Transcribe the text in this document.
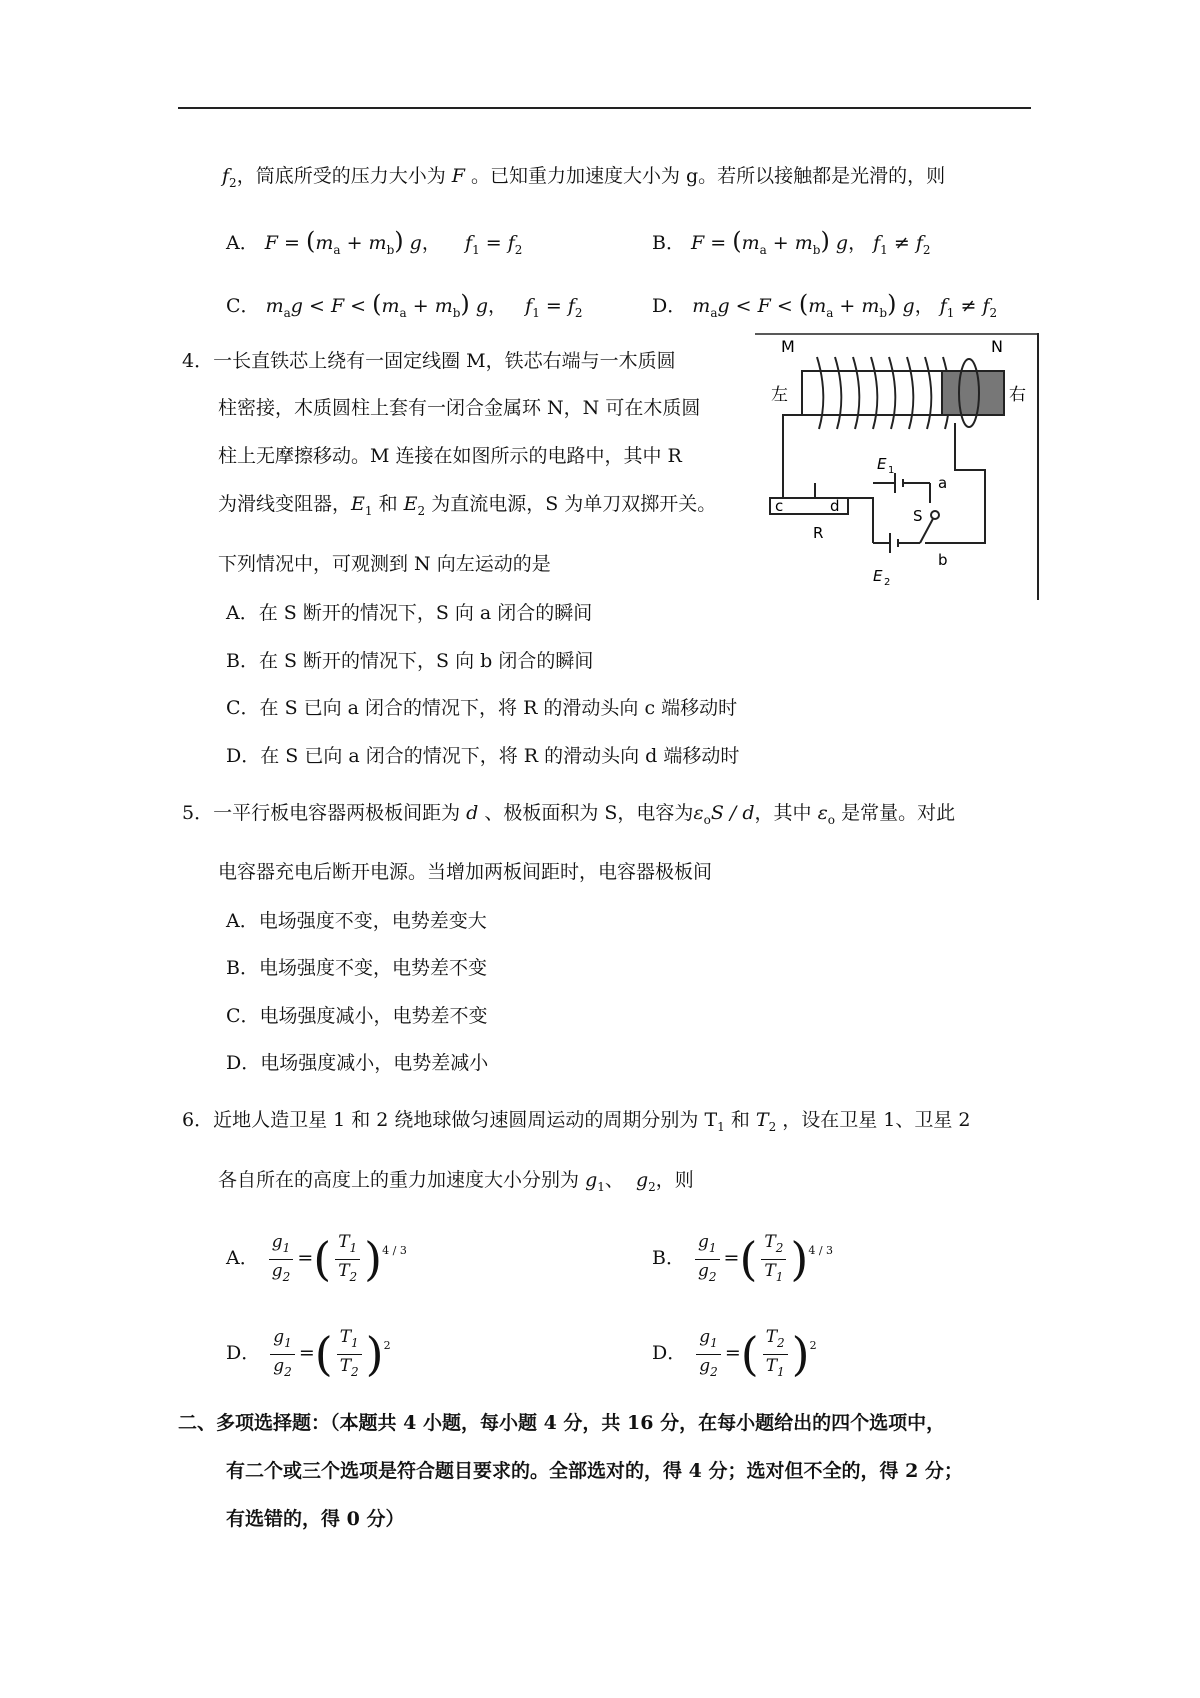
$f_2$，筒底所受的压力大小为 F 。已知重力加速度大小为 g。若所以接触都是光滑的，则
A． $F = (m_a + m_b)$ g，    $f_1 = f_2$	B． $F = (m_a + m_b)$ g， $f_1 \ne f_2$
C． $m_ag < F < (m_a + m_b)$ g，   $f_1 = f_2$	D． $m_ag < F < (m_a + m_b)$ g， $f_1 \ne f_2$
4．一长直铁芯上绕有一固定线圈 M，铁芯右端与一木质圆
柱密接，木质圆柱上套有一闭合金属环 N，N 可在木质圆
柱上无摩擦移动。M 连接在如图所示的电路中，其中 R
为滑线变阻器，$E_1$ 和 $E_2$ 为直流电源，S 为单刀双掷开关。
下列情况中，可观测到 N 向左运动的是
A．在 S 断开的情况下，S 向 a 闭合的瞬间
B．在 S 断开的情况下，S 向 b 闭合的瞬间
C．在 S 已向 a 闭合的情况下，将 R 的滑动头向 c 端移动时
D．在 S 已向 a 闭合的情况下，将 R 的滑动头向 d 端移动时
M	N
左	右
c	d
R
E 1
E 2
a
S
b
5．一平行板电容器两极板间距为 d 、极板面积为 S，电容为$\varepsilon_oS$ / d，其中 $\varepsilon_o$ 是常量。对此
电容器充电后断开电源。当增加两板间距时，电容器极板间
A．电场强度不变，电势差变大
B．电场强度不变，电势差不变
C．电场强度减小，电势差不变
D．电场强度减小，电势差减小
6．近地人造卫星 1 和 2 绕地球做匀速圆周运动的周期分别为 $T_1$ 和 $T_2$ ，设在卫星 1、卫星 2
各自所在的高度上的重力加速度大小分别为 $g_1$、 $g_2$，则
A． $\frac{g_1}{g_2}$ =( $\frac{T_1}{T_2} )^{4 / 3}$	B． $\frac{g_1}{g_2}$ =( $\frac{T_2}{T_1} )^{4 / 3}$
D． $\frac{g_1}{g_2}$ =( $\frac{T_1}{T_2} )^2$	D． $\frac{g_1}{g_2}$ =( $\frac{T_2}{T_1} )^2$
二、多项选择题：（本题共 4 小题，每小题 4 分，共 16 分，在每小题给出的四个选项中，
有二个或三个选项是符合题目要求的。全部选对的，得 4 分；选对但不全的，得 2 分；
有选错的，得 0 分）
